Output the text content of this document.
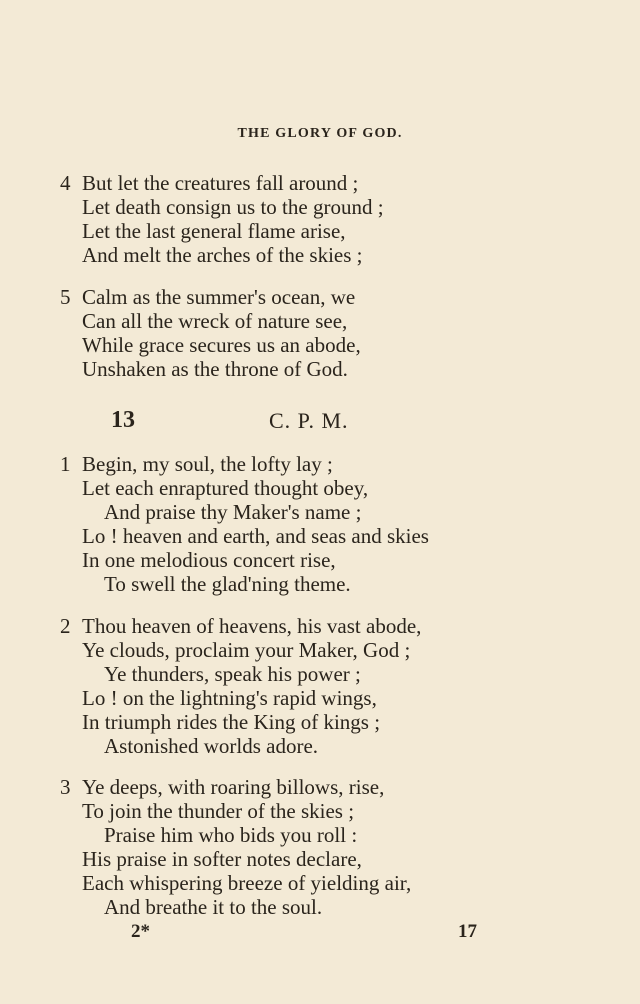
THE GLORY OF GOD.
4 But let the creatures fall around ;
Let death consign us to the ground ;
Let the last general flame arise,
And melt the arches of the skies ;
5 Calm as the summer's ocean, we
Can all the wreck of nature see,
While grace secures us an abode,
Unshaken as the throne of God.
13	C. P. M.
1 Begin, my soul, the lofty lay ;
Let each enraptured thought obey,
And praise thy Maker's name ;
Lo ! heaven and earth, and seas and skies
In one melodious concert rise,
To swell the glad'ning theme.
2 Thou heaven of heavens, his vast abode,
Ye clouds, proclaim your Maker, God ;
Ye thunders, speak his power ;
Lo ! on the lightning's rapid wings,
In triumph rides the King of kings ;
Astonished worlds adore.
3 Ye deeps, with roaring billows, rise,
To join the thunder of the skies ;
Praise him who bids you roll :
His praise in softer notes declare,
Each whispering breeze of yielding air,
And breathe it to the soul.
2*	17
